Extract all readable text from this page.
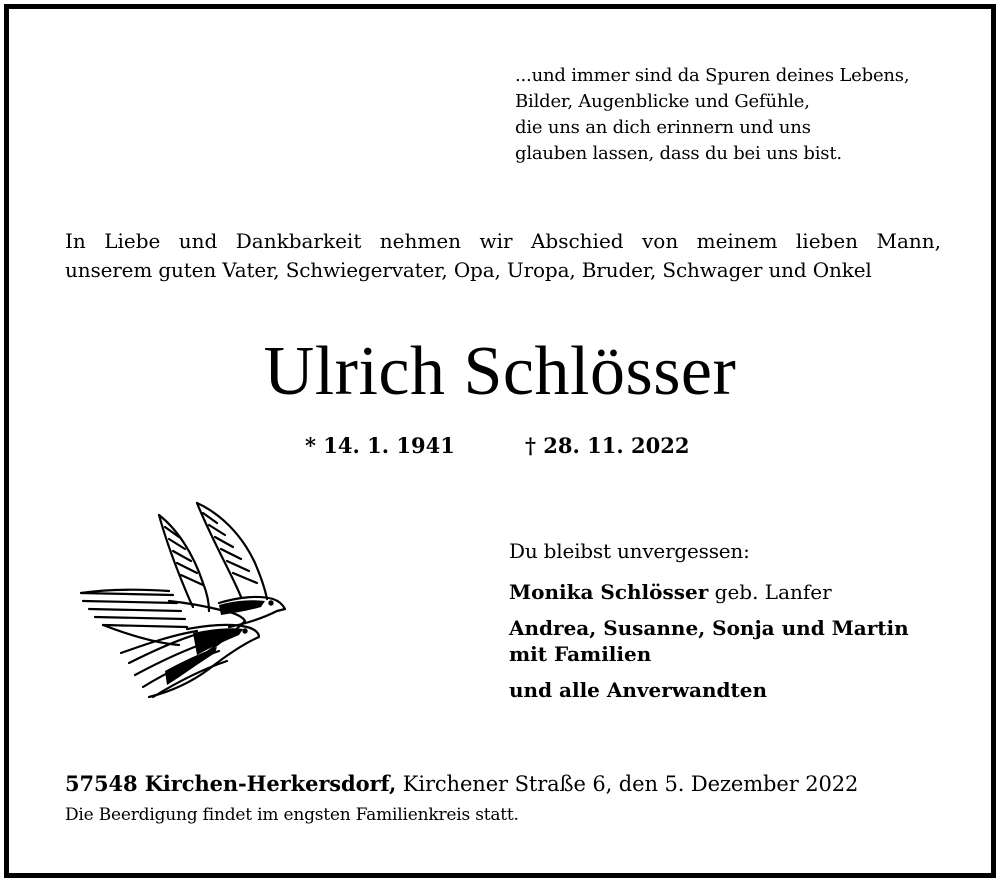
...und immer sind da Spuren deines Lebens,
Bilder, Augenblicke und Gefühle,
die uns an dich erinnern und uns
glauben lassen, dass du bei uns bist.
In Liebe und Dankbarkeit nehmen wir Abschied von meinem lieben Mann,
unserem guten Vater, Schwiegervater, Opa, Uropa, Bruder, Schwager und Onkel
Ulrich Schlösser
* 14. 1. 1941	† 28. 11. 2022
Du bleibst unvergessen:
Monika Schlösser geb. Lanfer
Andrea, Susanne, Sonja und Martin
mit Familien
und alle Anverwandten
57548 Kirchen-Herkersdorf, Kirchener Straße 6, den 5. Dezember 2022
Die Beerdigung findet im engsten Familienkreis statt.
